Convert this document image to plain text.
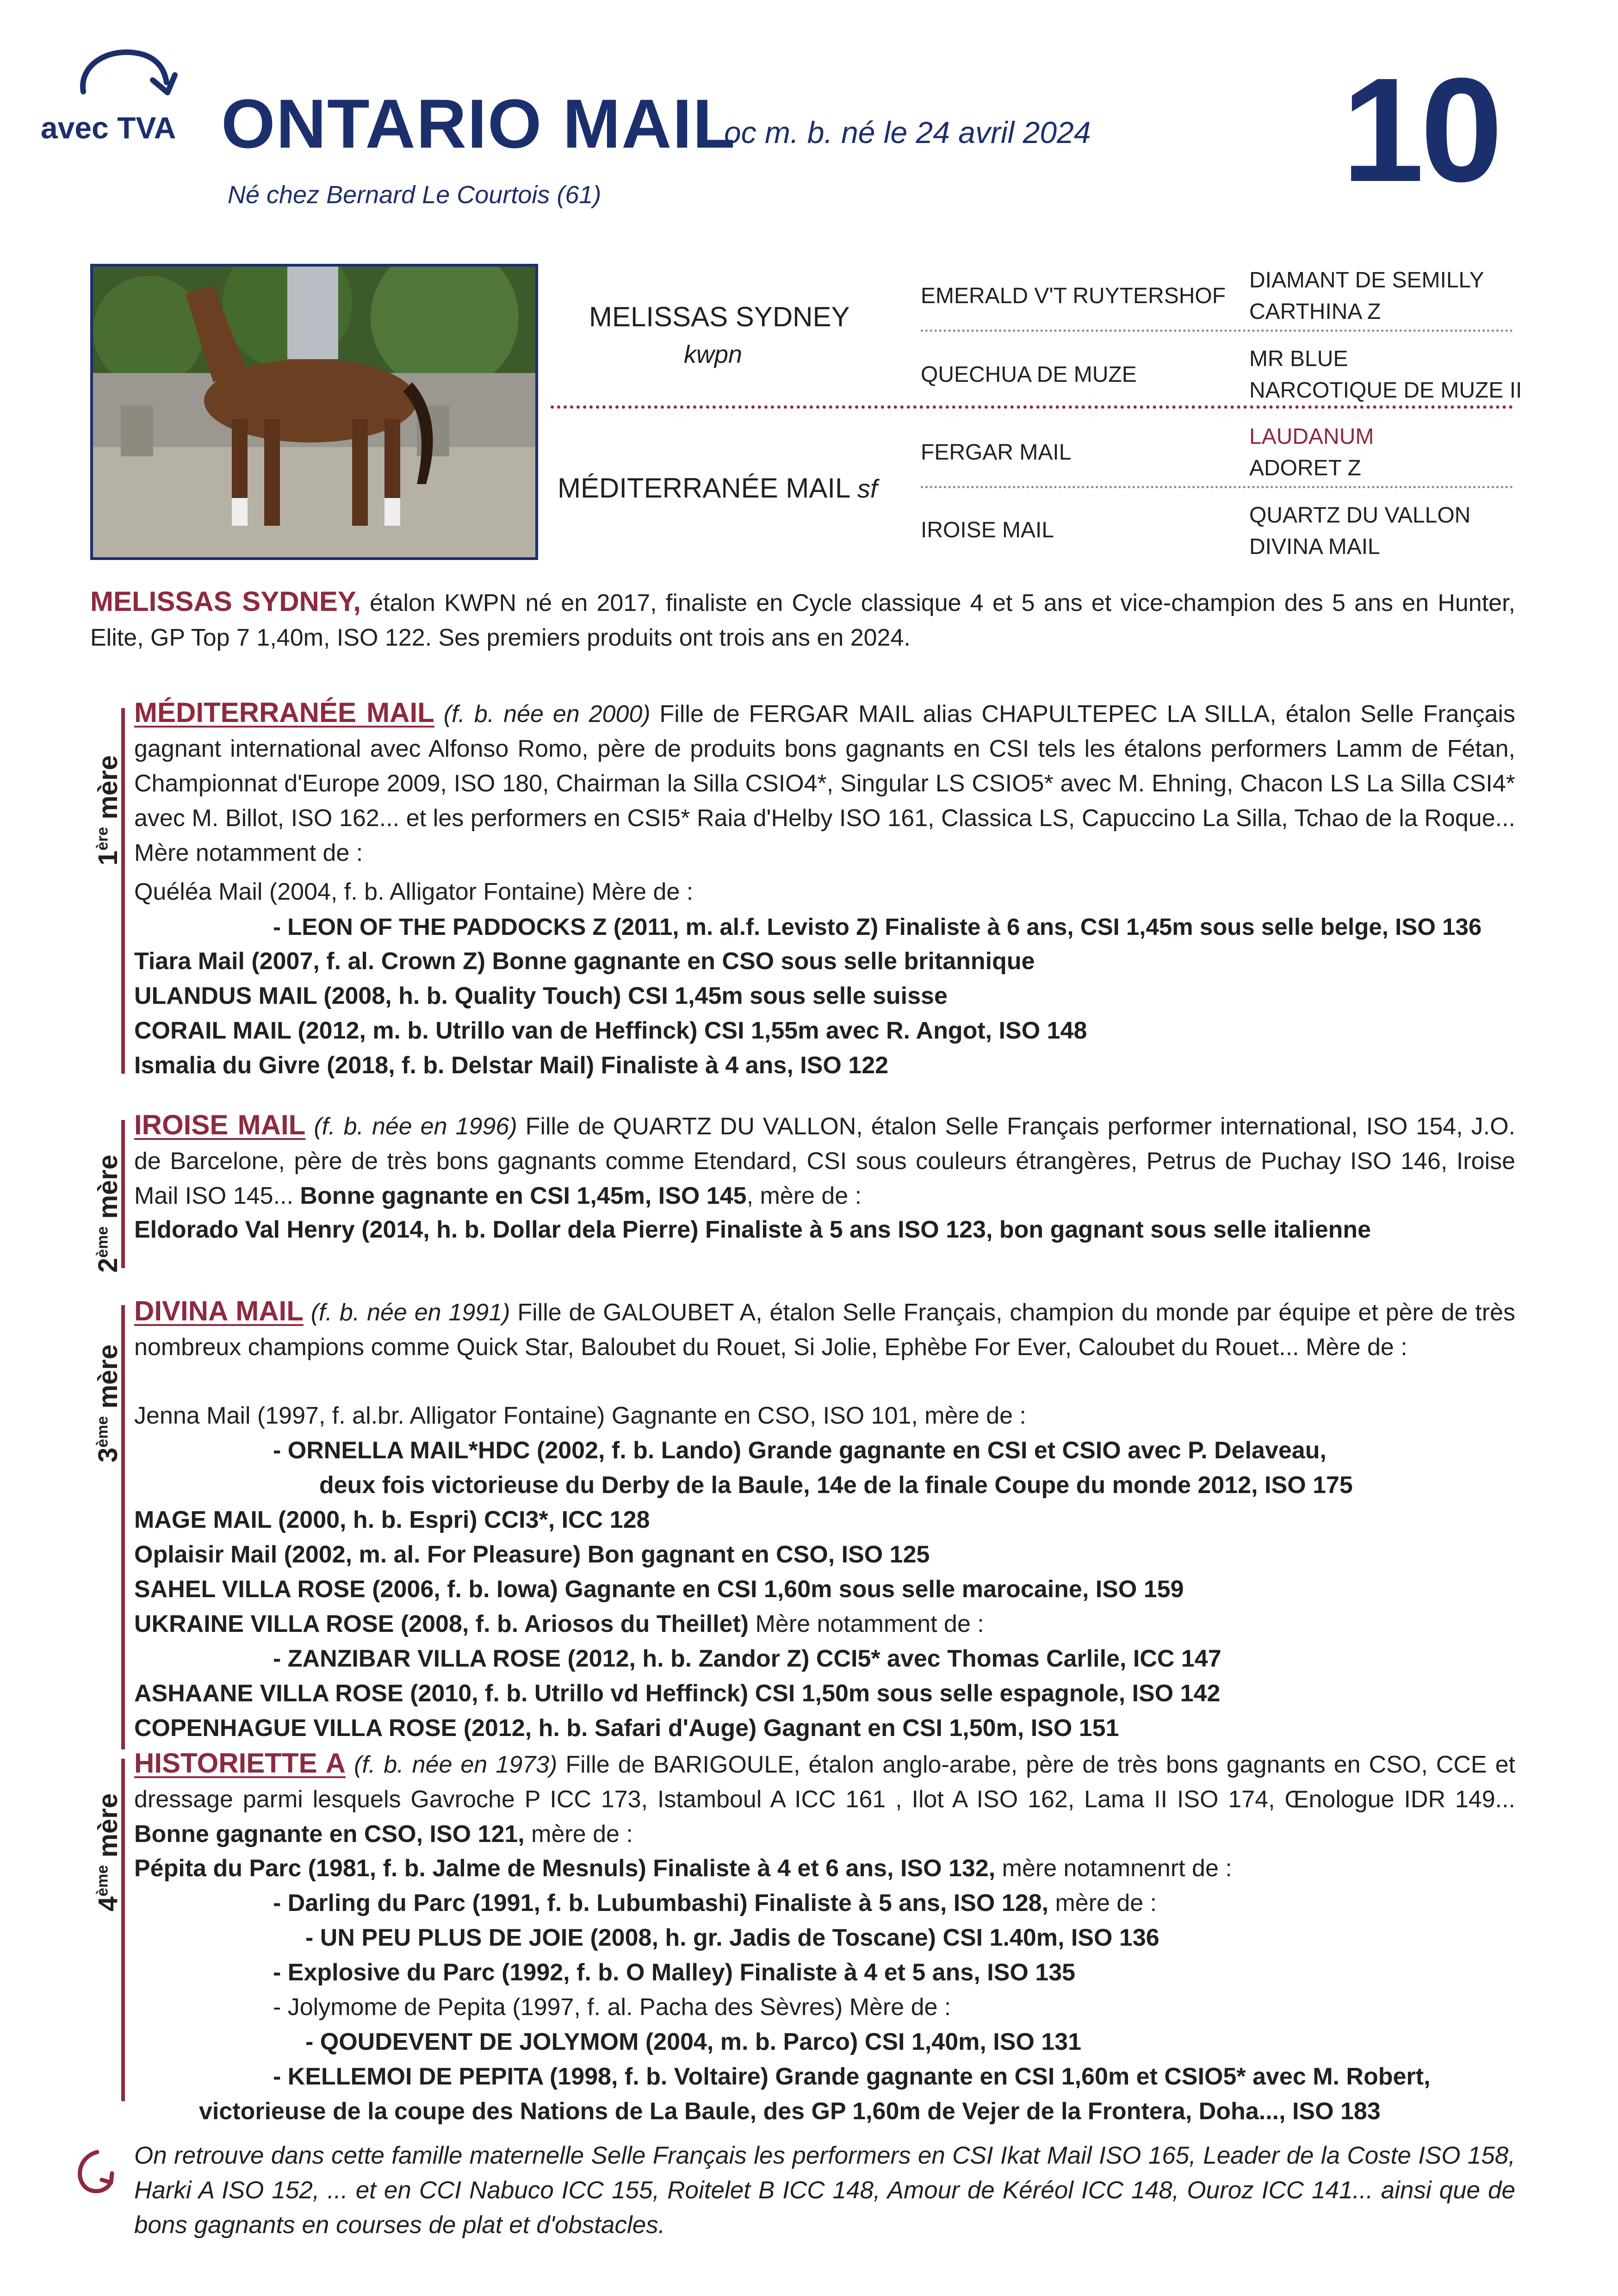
avec TVA ONTARIO MAIL
oc m. b. né le 24 avril 2024
Né chez Bernard Le Courtois (61)	10
MELISSAS SYDNEY
kwpn
MÉDITERRANÉE MAIL sf
EMERALD V'T RUYTERSHOF
QUECHUA DE MUZE
FERGAR MAIL
IROISE MAIL
DIAMANT DE SEMILLY
CARTHINA Z
MR BLUE
NARCOTIQUE DE MUZE II
LAUDANUM
ADORET Z
QUARTZ DU VALLON
DIVINA MAIL
MELISSAS SYDNEY, étalon KWPN né en 2017, finaliste en Cycle classique 4 et 5 ans et vice-champion des 5 ans en Hunter, Elite, GP Top 7 1,40m, ISO 122. Ses premiers produits ont trois ans en 2024.
1ère mère
MÉDITERRANÉE MAIL (f. b. née en 2000) Fille de FERGAR MAIL alias CHAPULTEPEC LA SILLA, étalon Selle Français gagnant international avec Alfonso Romo, père de produits bons gagnants en CSI tels les étalons performers Lamm de Fétan, Championnat d'Europe 2009, ISO 180, Chairman la Silla CSIO4*, Singular LS CSIO5* avec M. Ehning, Chacon LS La Silla CSI4* avec M. Billot, ISO 162... et les performers en CSI5* Raia d'Helby ISO 161, Classica LS, Capuccino La Silla, Tchao de la Roque... Mère notamment de :
Quéléa Mail (2004, f. b. Alligator Fontaine) Mère de :
- LEON OF THE PADDOCKS Z (2011, m. al.f. Levisto Z) Finaliste à 6 ans, CSI 1,45m sous selle belge, ISO 136
Tiara Mail (2007, f. al. Crown Z) Bonne gagnante en CSO sous selle britannique
ULANDUS MAIL (2008, h. b. Quality Touch) CSI 1,45m sous selle suisse
CORAIL MAIL (2012, m. b. Utrillo van de Heffinck) CSI 1,55m avec R. Angot, ISO 148
Ismalia du Givre (2018, f. b. Delstar Mail) Finaliste à 4 ans, ISO 122
2ème mère
IROISE MAIL (f. b. née en 1996) Fille de QUARTZ DU VALLON, étalon Selle Français performer international, ISO 154, J.O. de Barcelone, père de très bons gagnants comme Etendard, CSI sous couleurs étrangères, Petrus de Puchay ISO 146, Iroise Mail ISO 145... Bonne gagnante en CSI 1,45m, ISO 145, mère de :
Eldorado Val Henry (2014, h. b. Dollar dela Pierre) Finaliste à 5 ans ISO 123, bon gagnant sous selle italienne
3ème mère
DIVINA MAIL (f. b. née en 1991) Fille de GALOUBET A, étalon Selle Français, champion du monde par équipe et père de très nombreux champions comme Quick Star, Baloubet du Rouet, Si Jolie, Ephèbe For Ever, Caloubet du Rouet... Mère de :
Jenna Mail (1997, f. al.br. Alligator Fontaine) Gagnante en CSO, ISO 101, mère de :
- ORNELLA MAIL*HDC (2002, f. b. Lando) Grande gagnante en CSI et CSIO avec P. Delaveau,
deux fois victorieuse du Derby de la Baule, 14e de la finale Coupe du monde 2012, ISO 175
MAGE MAIL (2000, h. b. Espri) CCI3*, ICC 128
Oplaisir Mail (2002, m. al. For Pleasure) Bon gagnant en CSO, ISO 125
SAHEL VILLA ROSE (2006, f. b. Iowa) Gagnante en CSI 1,60m sous selle marocaine, ISO 159
UKRAINE VILLA ROSE (2008, f. b. Ariosos du Theillet) Mère notamment de :
- ZANZIBAR VILLA ROSE (2012, h. b. Zandor Z) CCI5* avec Thomas Carlile, ICC 147
ASHAANE VILLA ROSE (2010, f. b. Utrillo vd Heffinck) CSI 1,50m sous selle espagnole, ISO 142
COPENHAGUE VILLA ROSE (2012, h. b. Safari d'Auge) Gagnant en CSI 1,50m, ISO 151
4ème mère
HISTORIETTE A (f. b. née en 1973) Fille de BARIGOULE, étalon anglo-arabe, père de très bons gagnants en CSO, CCE et dressage parmi lesquels Gavroche P ICC 173, Istamboul A ICC 161 , Ilot A ISO 162, Lama II ISO 174, Œnologue IDR 149... Bonne gagnante en CSO, ISO 121, mère de :
Pépita du Parc (1981, f. b. Jalme de Mesnuls) Finaliste à 4 et 6 ans, ISO 132, mère notamnenrt de :
- Darling du Parc (1991, f. b. Lubumbashi) Finaliste à 5 ans, ISO 128, mère de :
- UN PEU PLUS DE JOIE (2008, h. gr. Jadis de Toscane) CSI 1.40m, ISO 136
- Explosive du Parc (1992, f. b. O Malley) Finaliste à 4 et 5 ans, ISO 135
- Jolymome de Pepita (1997, f. al. Pacha des Sèvres) Mère de :
- QOUDEVENT DE JOLYMOM (2004, m. b. Parco) CSI 1,40m, ISO 131
- KELLEMOI DE PEPITA (1998, f. b. Voltaire) Grande gagnante en CSI 1,60m et CSIO5* avec M. Robert,
victorieuse de la coupe des Nations de La Baule, des GP 1,60m de Vejer de la Frontera, Doha..., ISO 183
On retrouve dans cette famille maternelle Selle Français les performers en CSI Ikat Mail ISO 165, Leader de la Coste ISO 158, Harki A ISO 152, ... et en CCI Nabuco ICC 155, Roitelet B ICC 148, Amour de Kéréol ICC 148, Ouroz ICC 141... ainsi que de bons gagnants en courses de plat et d'obstacles.
